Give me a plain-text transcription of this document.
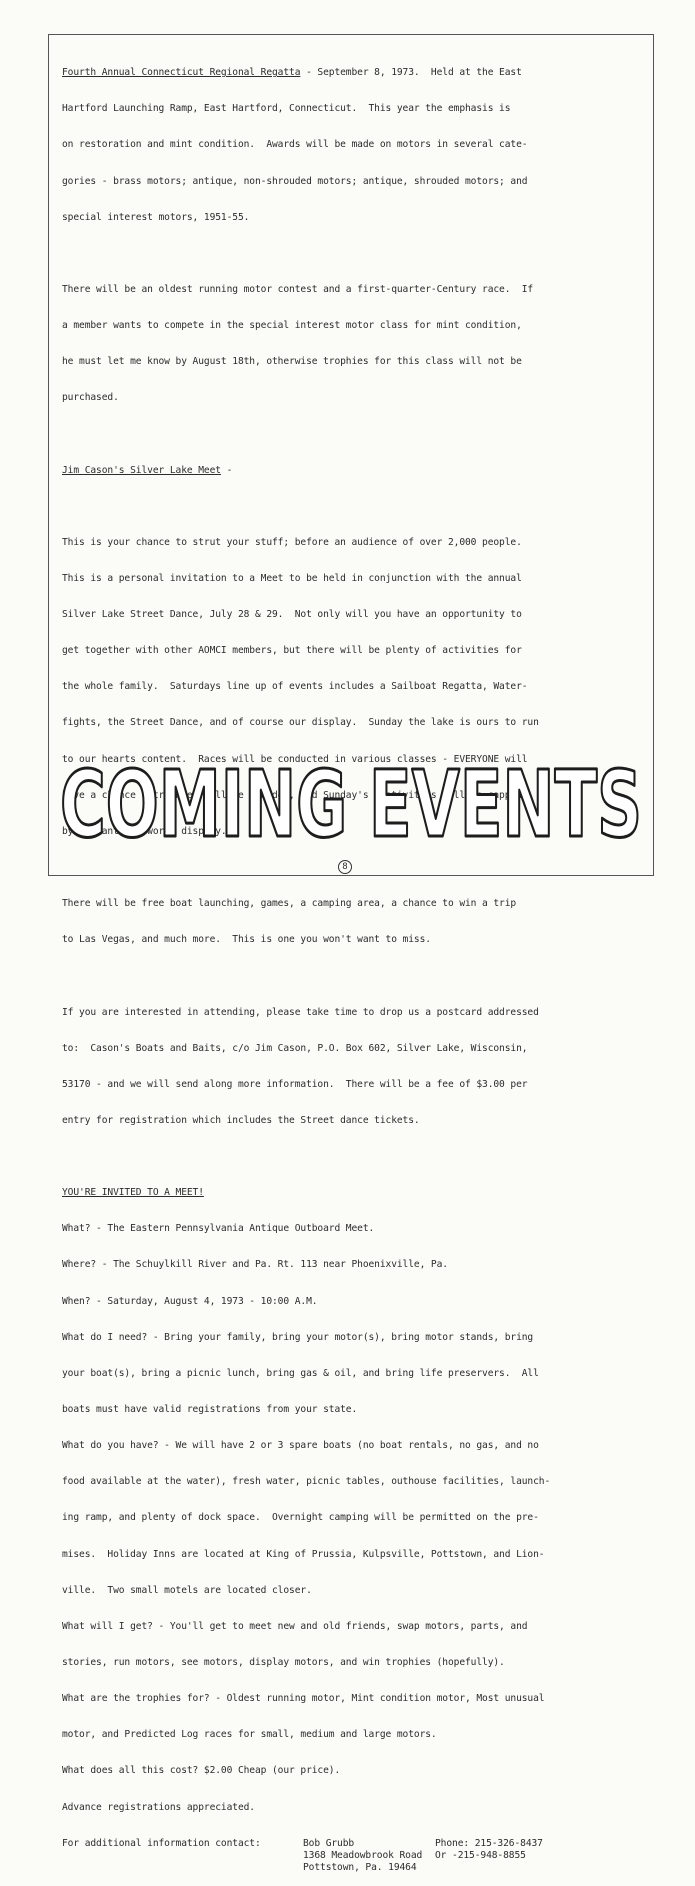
Fourth Annual Connecticut Regional Regatta - September 8, 1973.  Held at the East

Hartford Launching Ramp, East Hartford, Connecticut.  This year the emphasis is

on restoration and mint condition.  Awards will be made on motors in several cate-

gories - brass motors; antique, non-shrouded motors; antique, shrouded motors; and

special interest motors, 1951-55.

There will be an oldest running motor contest and a first-quarter-Century race.  If

a member wants to compete in the special interest motor class for mint condition,

he must let me know by August 18th, otherwise trophies for this class will not be

purchased.

Jim Cason's Silver Lake Meet -

This is your chance to strut your stuff; before an audience of over 2,000 people.

This is a personal invitation to a Meet to be held in conjunction with the annual

Silver Lake Street Dance, July 28 & 29.  Not only will you have an opportunity to

get together with other AOMCI members, but there will be plenty of activities for

the whole family.  Saturdays line up of events includes a Sailboat Regatta, Water-

fights, the Street Dance, and of course our display.  Sunday the lake is ours to run

to our hearts content.  Races will be conducted in various classes - EVERYONE will

have a chance - trophies will be awarded, and Sunday's festivities will be capped

by a giant fireworks display.

There will be free boat launching, games, a camping area, a chance to win a trip

to Las Vegas, and much more.  This is one you won't want to miss.

If you are interested in attending, please take time to drop us a postcard addressed

to:  Cason's Boats and Baits, c/o Jim Cason, P.O. Box 602, Silver Lake, Wisconsin,

53170 - and we will send along more information.  There will be a fee of $3.00 per

entry for registration which includes the Street dance tickets.

YOU'RE INVITED TO A MEET!

What? - The Eastern Pennsylvania Antique Outboard Meet.

Where? - The Schuylkill River and Pa. Rt. 113 near Phoenixville, Pa.

When? - Saturday, August 4, 1973 - 10:00 A.M.

What do I need? - Bring your family, bring your motor(s), bring motor stands, bring

your boat(s), bring a picnic lunch, bring gas & oil, and bring life preservers.  All

boats must have valid registrations from your state.

What do you have? - We will have 2 or 3 spare boats (no boat rentals, no gas, and no

food available at the water), fresh water, picnic tables, outhouse facilities, launch-

ing ramp, and plenty of dock space.  Overnight camping will be permitted on the pre-

mises.  Holiday Inns are located at King of Prussia, Kulpsville, Pottstown, and Lion-

ville.  Two small motels are located closer.

What will I get? - You'll get to meet new and old friends, swap motors, parts, and

stories, run motors, see motors, display motors, and win trophies (hopefully).

What are the trophies for? - Oldest running motor, Mint condition motor, Most unusual

motor, and Predicted Log races for small, medium and large motors.

What does all this cost? $2.00 Cheap (our price).

Advance registrations appreciated.

For additional information contact:	Bob Grubb	Phone: 215-326-8437
1368 Meadowbrook Road	Or -215-948-8855
Pottstown, Pa. 19464

COMING EVENTS
8
